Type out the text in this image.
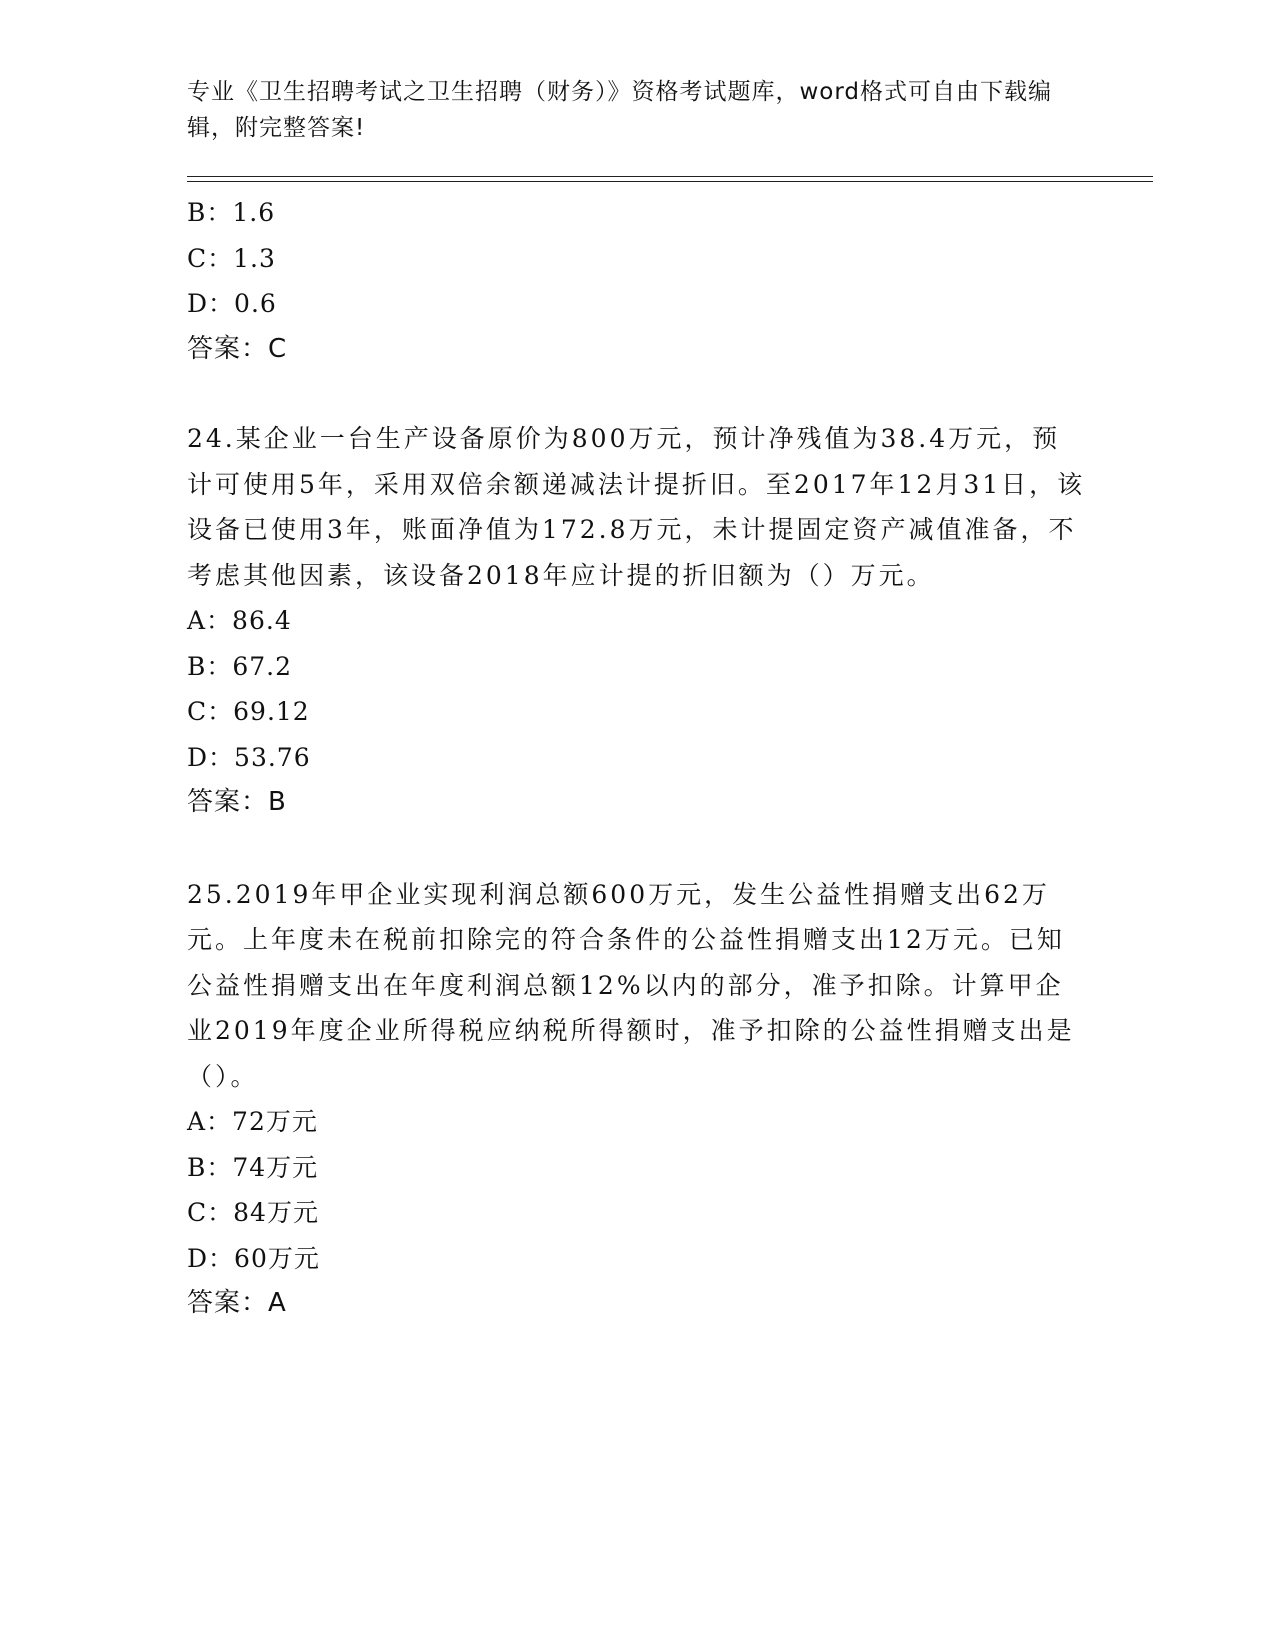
专业《卫生招聘考试之卫生招聘（财务）》资格考试题库，word格式可自由下载编辑，附完整答案!
B：1.6
C：1.3
D：0.6
答案：C
24.某企业一台生产设备原价为800万元，预计净残值为38.4万元，预计可使用5年，采用双倍余额递减法计提折旧。至2017年12月31日，该设备已使用3年，账面净值为172.8万元，未计提固定资产减值准备，不考虑其他因素，该设备2018年应计提的折旧额为（）万元。
A：86.4
B：67.2
C：69.12
D：53.76
答案：B
25.2019年甲企业实现利润总额600万元，发生公益性捐赠支出62万元。上年度未在税前扣除完的符合条件的公益性捐赠支出12万元。已知公益性捐赠支出在年度利润总额12%以内的部分，准予扣除。计算甲企业2019年度企业所得税应纳税所得额时，准予扣除的公益性捐赠支出是（）。
A：72万元
B：74万元
C：84万元
D：60万元
答案：A
